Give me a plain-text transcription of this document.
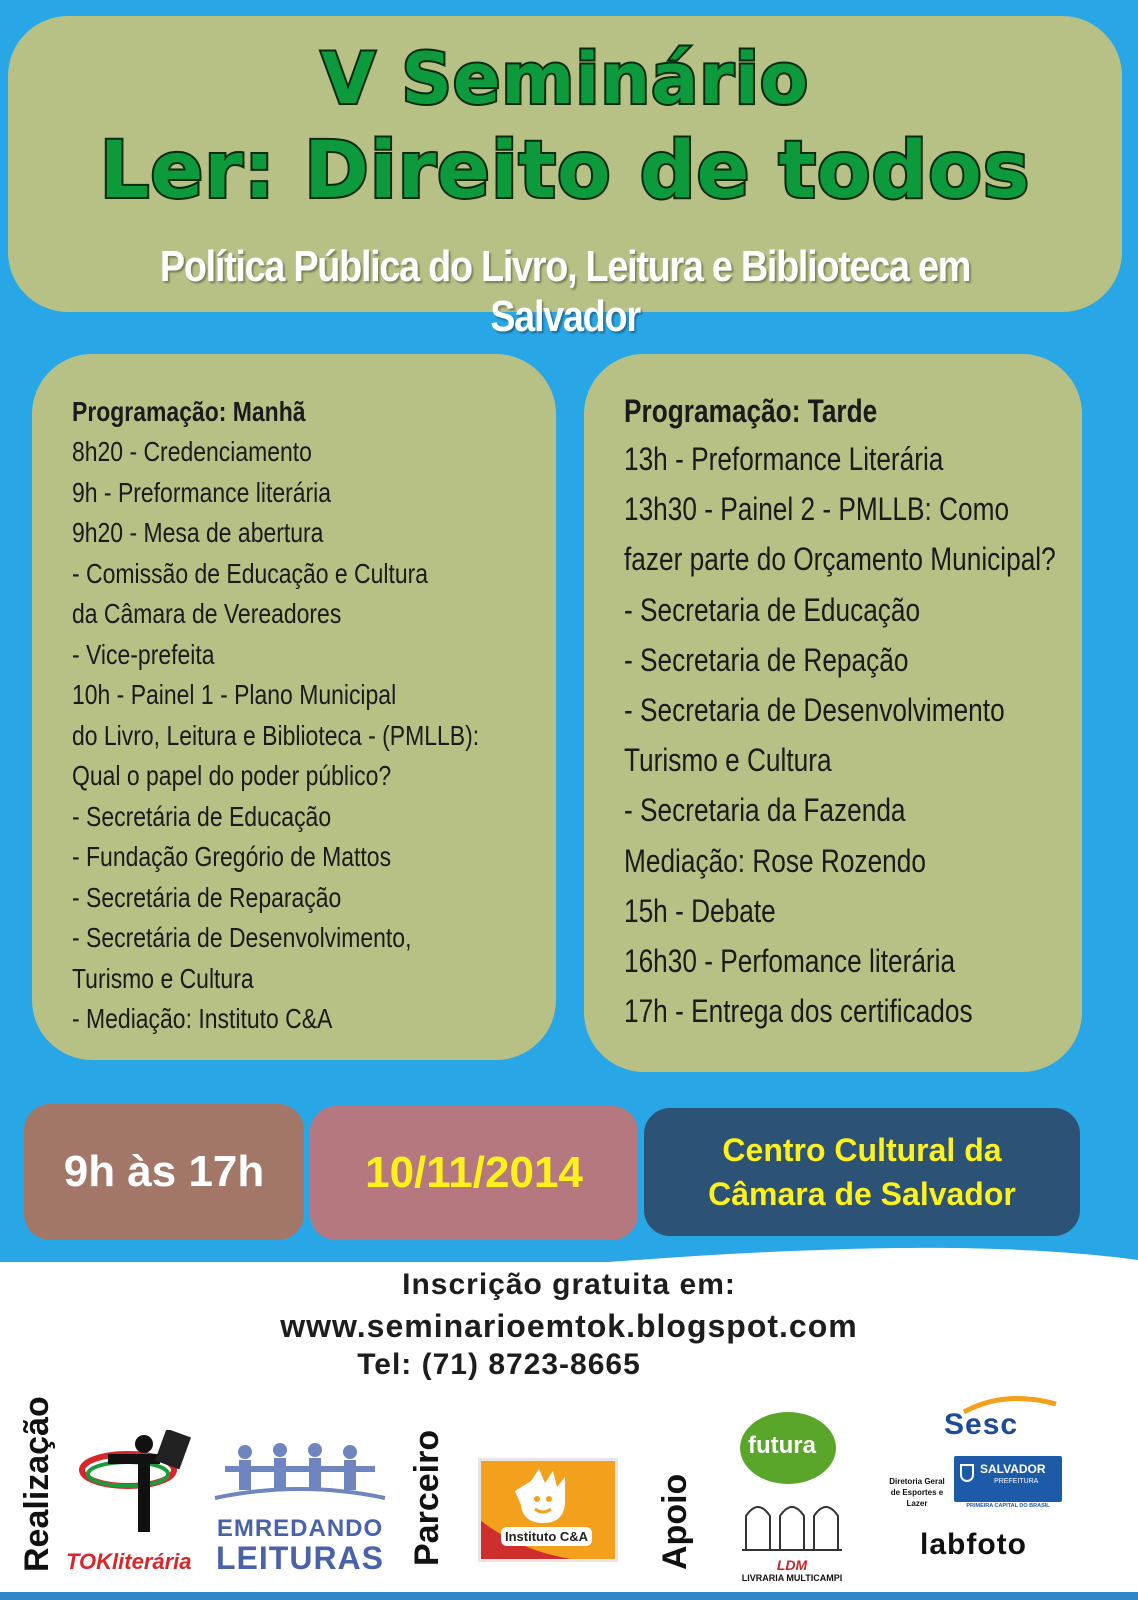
V Seminário
Ler: Direito de todos
Política Pública do Livro, Leitura e Biblioteca em Salvador
Programação: Manhã
8h20 - Credenciamento
9h - Preformance literária
9h20 - Mesa de abertura
- Comissão de Educação e Cultura
da Câmara de Vereadores
- Vice-prefeita
10h - Painel 1 - Plano Municipal
do Livro, Leitura e Biblioteca - (PMLLB):
Qual o papel do poder público?
- Secretária de Educação
- Fundação Gregório de Mattos
- Secretária de Reparação
- Secretária de Desenvolvimento,
Turismo e Cultura
- Mediação: Instituto C&A
Programação: Tarde
13h - Preformance Literária
13h30 - Painel 2 - PMLLB: Como
fazer parte do Orçamento Municipal?
- Secretaria de Educação
- Secretaria de Repação
- Secretaria de Desenvolvimento
Turismo e Cultura
- Secretaria da Fazenda
Mediação: Rose Rozendo
15h - Debate
16h30 - Perfomance literária
17h - Entrega dos certificados
9h às 17h	10/11/2014	Centro Cultural da
Câmara de Salvador
Inscrição gratuita em:
www.seminarioemtok.blogspot.com
Tel: (71) 8723-8665
Realização	Parceiro	Apoio
TOKliterária
EMREDANDO
LEITURAS
Instituto C&A
futura
LDM
LIVRARIA MULTICAMPI
Sesc
Diretoria Geral de Esportes e Lazer
SALVADOR
PREFEITURA
PRIMEIRA CAPITAL DO BRASIL
labfoto
